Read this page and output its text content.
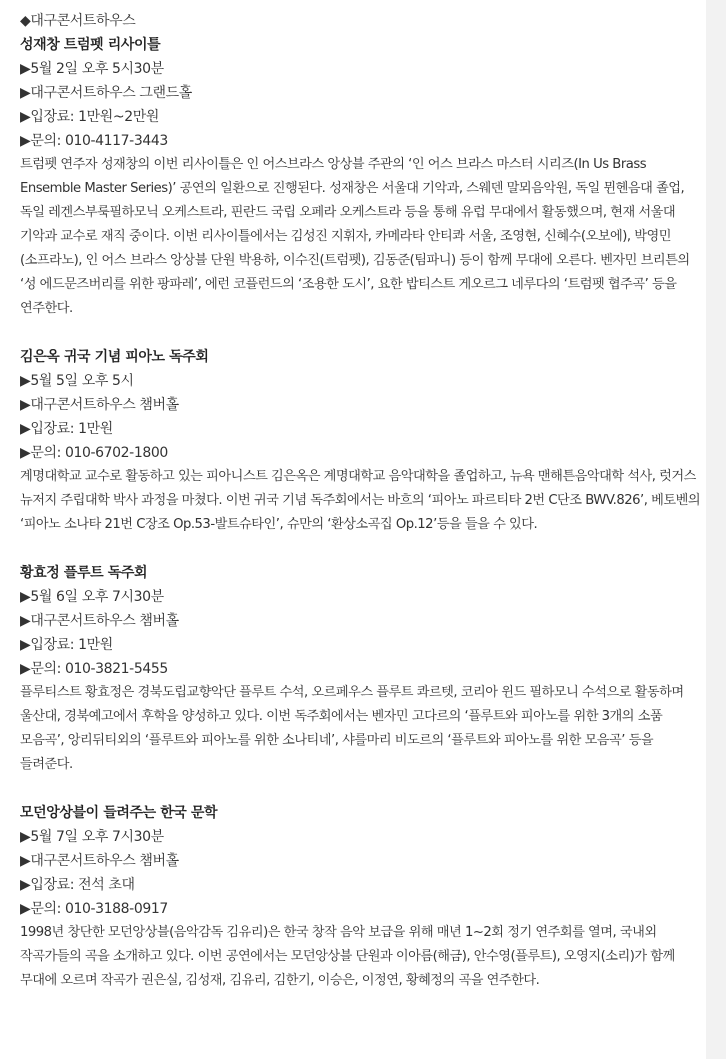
◆대구콘서트하우스
성재창 트럼펫 리사이틀
▶5월 2일 오후 5시30분
▶대구콘서트하우스 그랜드홀
▶입장료: 1만원~2만원
▶문의: 010-4117-3443
트럼펫 연주자 성재창의 이번 리사이틀은 인 어스브라스 앙상블 주관의 ‘인 어스 브라스 마스터 시리즈(In Us Brass Ensemble Master Series)’ 공연의 일환으로 진행된다. 성재창은 서울대 기악과, 스웨덴 말뫼음악원, 독일 뮌헨음대 졸업, 독일 레겐스부룩필하모닉 오케스트라, 핀란드 국립 오페라 오케스트라 등을 통해 유럽 무대에서 활동했으며, 현재 서울대 기악과 교수로 재직 중이다. 이번 리사이틀에서는 김성진 지휘자, 카메라타 안티콰 서울, 조영현, 신혜수(오보에), 박영민(소프라노), 인 어스 브라스 앙상블 단원 박용하, 이수진(트럼펫), 김동준(팀파니) 등이 함께 무대에 오른다. 벤자민 브리튼의 ‘성 에드문즈버리를 위한 팡파레’, 에런 코플런드의 ‘조용한 도시’, 요한 밥티스트 게오르그 네루다의 ‘트럼펫 협주곡’ 등을 연주한다.
김은옥 귀국 기념 피아노 독주회
▶5월 5일 오후 5시
▶대구콘서트하우스 챔버홀
▶입장료: 1만원
▶문의: 010-6702-1800
계명대학교 교수로 활동하고 있는 피아니스트 김은옥은 계명대학교 음악대학을 졸업하고, 뉴욕 맨해튼음악대학 석사, 럿거스 뉴저지 주립대학 박사 과정을 마쳤다. 이번 귀국 기념 독주회에서는 바흐의 ‘피아노 파르티타 2번 C단조 BWV.826’, 베토벤의 ‘피아노 소나타 21번 C장조 Op.53-발트슈타인’, 슈만의 ‘환상소곡집 Op.12’등을 들을 수 있다.
황효정 플루트 독주회
▶5월 6일 오후 7시30분
▶대구콘서트하우스 챔버홀
▶입장료: 1만원
▶문의: 010-3821-5455
플루티스트 황효정은 경북도립교향악단 플루트 수석, 오르페우스 플루트 콰르텟, 코리아 윈드 필하모니 수석으로 활동하며 울산대, 경북예고에서 후학을 양성하고 있다. 이번 독주회에서는 벤자민 고다르의 ‘플루트와 피아노를 위한 3개의 소품 모음곡’, 앙리뒤티외의 ‘플루트와 피아노를 위한 소나티네’, 샤를마리 비도르의 ‘플루트와 피아노를 위한 모음곡’ 등을 들려준다.
모던앙상블이 들려주는 한국 문학
▶5월 7일 오후 7시30분
▶대구콘서트하우스 챔버홀
▶입장료: 전석 초대
▶문의: 010-3188-0917
1998년 창단한 모던앙상블(음악감독 김유리)은 한국 창작 음악 보급을 위해 매년 1~2회 정기 연주회를 열며, 국내외 작곡가들의 곡을 소개하고 있다. 이번 공연에서는 모던앙상블 단원과 이아름(해금), 안수영(플루트), 오영지(소리)가 함께 무대에 오르며 작곡가 권은실, 김성재, 김유리, 김한기, 이승은, 이정연, 황혜정의 곡을 연주한다.
